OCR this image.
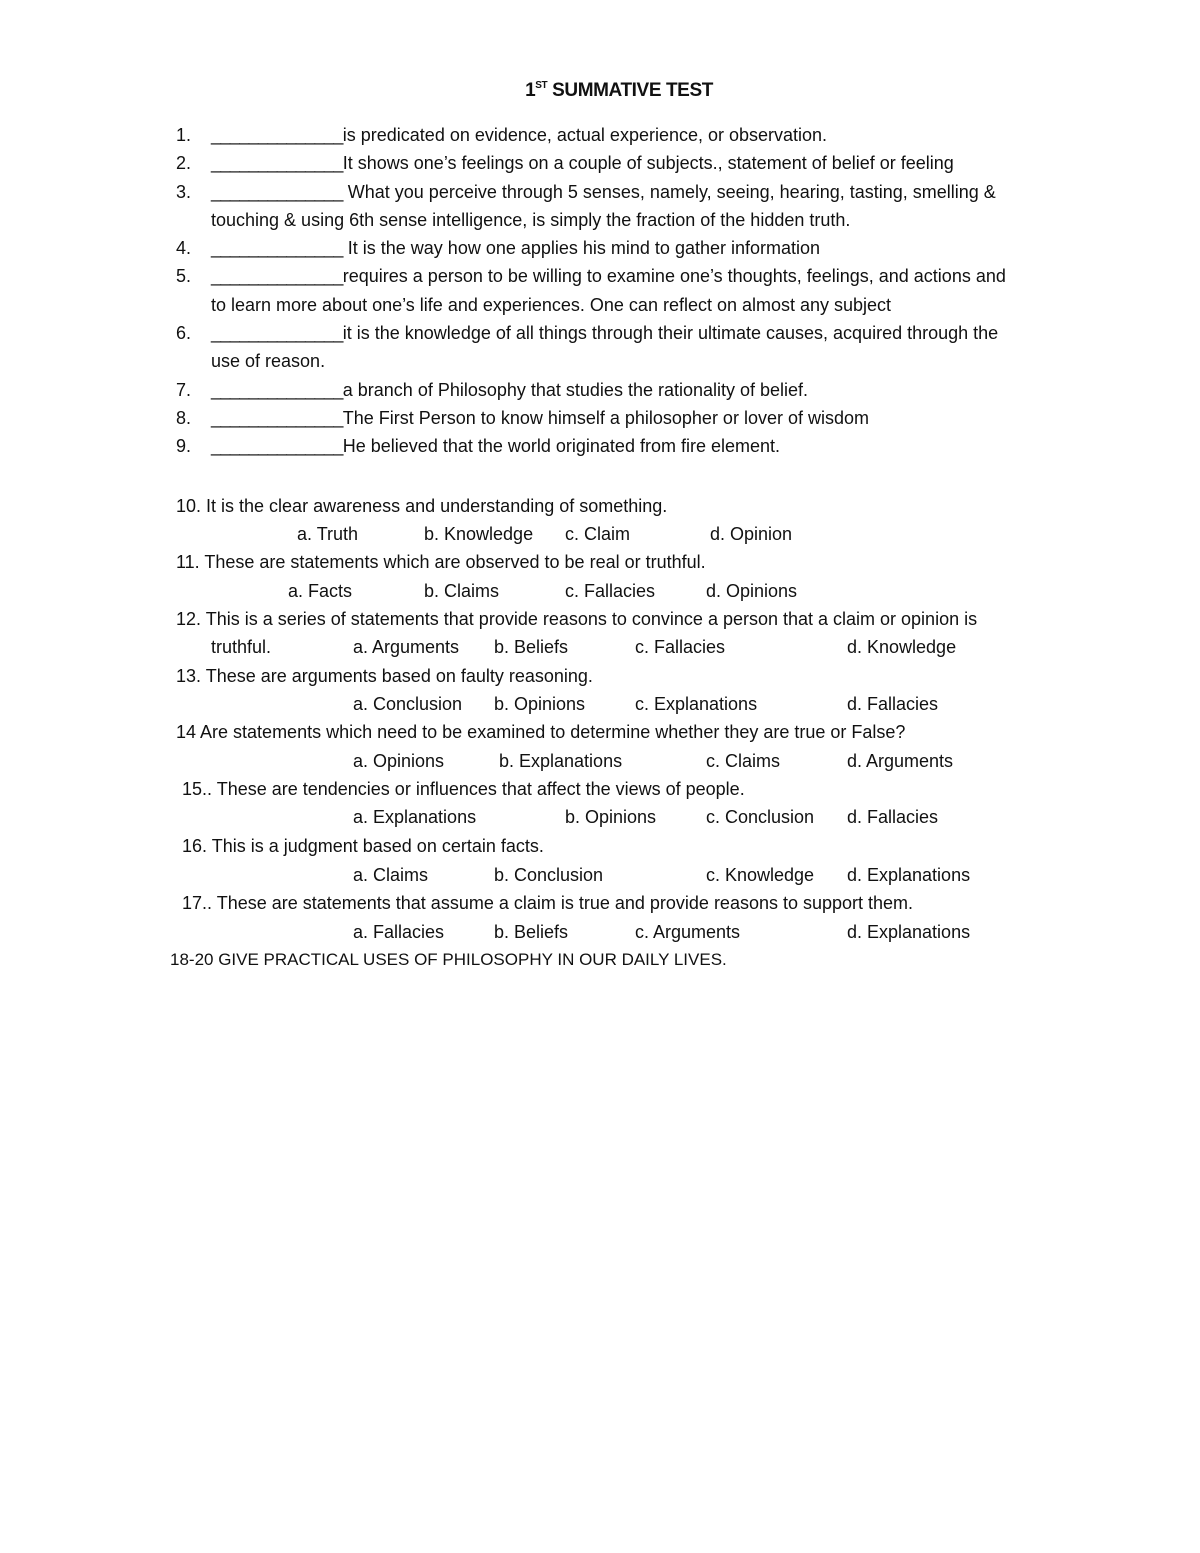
1ST SUMMATIVE TEST
1. ______________is predicated on evidence, actual experience, or observation.
2. ______________It shows one’s feelings on a couple of subjects., statement of belief or feeling
3. ______________ What you perceive through 5 senses, namely, seeing, hearing, tasting, smelling & touching & using 6th sense intelligence, is simply the fraction of the hidden truth.
4. ______________ It is the way how one applies his mind to gather information
5. ______________requires a person to be willing to examine one’s thoughts, feelings, and actions and to learn more about one’s life and experiences. One can reflect on almost any subject
6. ______________it is the knowledge of all things through their ultimate causes, acquired through the use of reason.
7. ______________a branch of Philosophy that studies the rationality of belief.
8. ______________The First Person to know himself a philosopher or lover of wisdom
9. ______________He believed that the world originated from fire element.
10. It is the clear awareness and understanding of something.
a. Truth	b. Knowledge c. Claim	d. Opinion
11. These are statements which are observed to be real or truthful.
a. Facts	b. Claims	c. Fallacies	d. Opinions
12. This is a series of statements that provide reasons to convince a person that a claim or opinion is
truthful.	a. Arguments b. Beliefs	c. Fallacies	d. Knowledge
13. These are arguments based on faulty reasoning.
a. Conclusion b. Opinions	c. Explanations	d. Fallacies
14 Are statements which need to be examined to determine whether they are true or False?
a. Opinions	b. Explanations	c. Claims	d. Arguments
15.. These are tendencies or influences that affect the views of people.
a. Explanations	b. Opinions	c. Conclusion d. Fallacies
16. This is a judgment based on certain facts.
a. Claims	b. Conclusion	c. Knowledge d. Explanations
17.. These are statements that assume a claim is true and provide reasons to support them.
a. Fallacies	b. Beliefs	c. Arguments	d. Explanations
18-20 GIVE PRACTICAL USES OF PHILOSOPHY IN OUR DAILY LIVES.
